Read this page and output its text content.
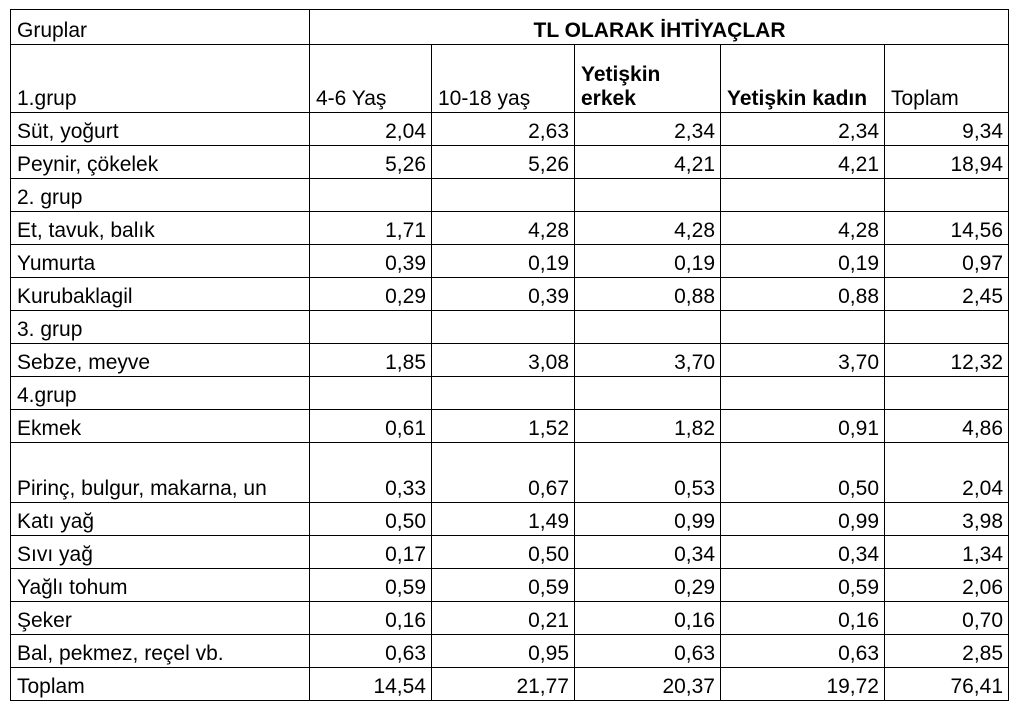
Gruplar	TL OLARAK İHTİYAÇLAR				
1.grup	4-6 Yaş	10-18 yaş	Yetişkin erkek	Yetişkin kadın	Toplam
Süt, yoğurt	2,04	2,63	2,34	2,34	9,34
Peynir, çökelek	5,26	5,26	4,21	4,21	18,94
2. grup					
Et, tavuk, balık	1,71	4,28	4,28	4,28	14,56
Yumurta	0,39	0,19	0,19	0,19	0,97
Kurubaklagil	0,29	0,39	0,88	0,88	2,45
3. grup					
Sebze, meyve	1,85	3,08	3,70	3,70	12,32
4.grup					
Ekmek	0,61	1,52	1,82	0,91	4,86
Pirinç, bulgur, makarna, un	0,33	0,67	0,53	0,50	2,04
Katı yağ	0,50	1,49	0,99	0,99	3,98
Sıvı yağ	0,17	0,50	0,34	0,34	1,34
Yağlı tohum	0,59	0,59	0,29	0,59	2,06
Şeker	0,16	0,21	0,16	0,16	0,70
Bal, pekmez, reçel vb.	0,63	0,95	0,63	0,63	2,85
Toplam	14,54	21,77	20,37	19,72	76,41
